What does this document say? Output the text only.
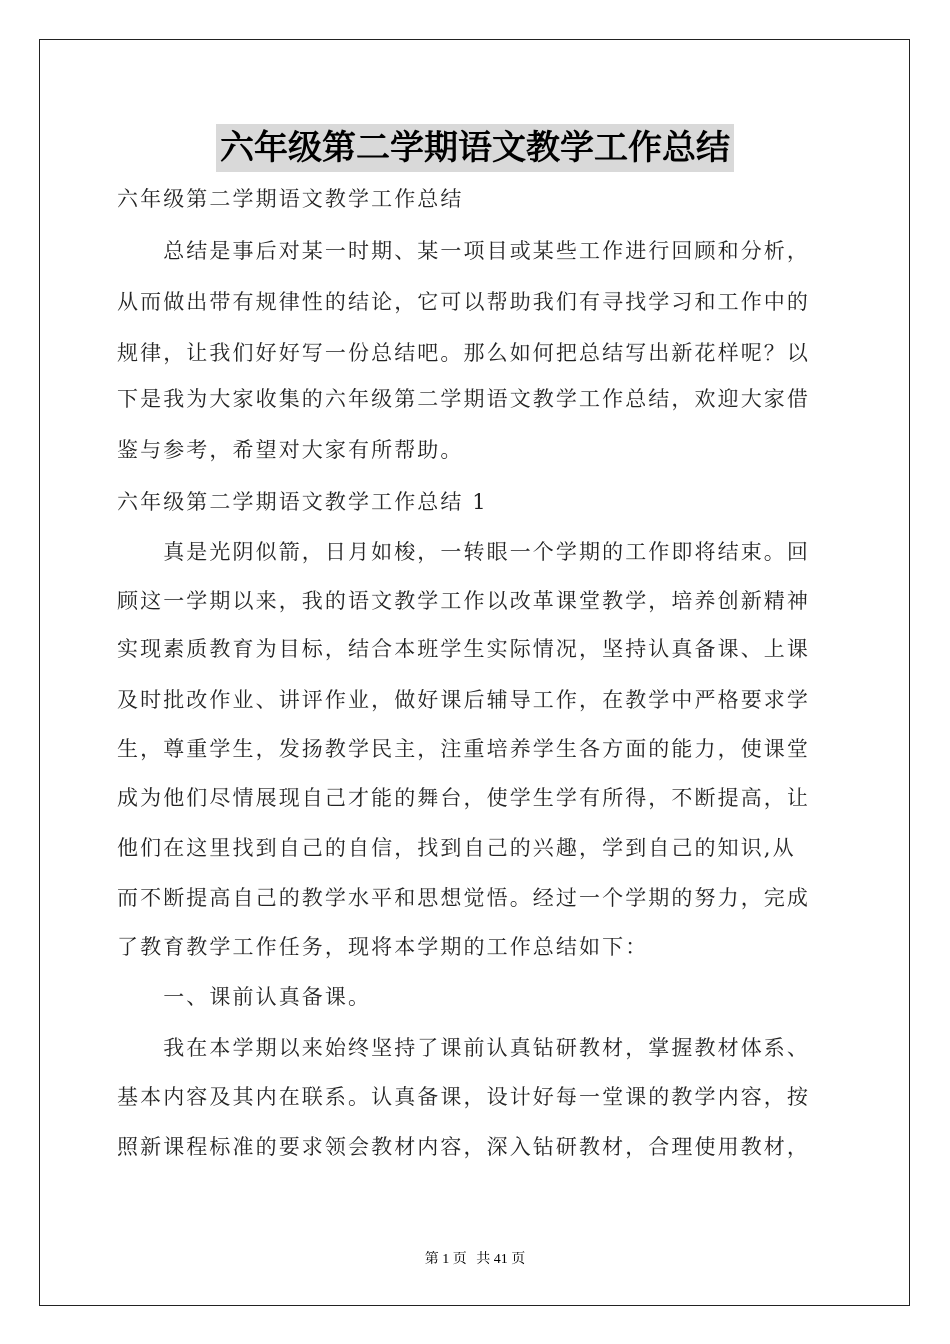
六年级第二学期语文教学工作总结
六年级第二学期语文教学工作总结
　　总结是事后对某一时期、某一项目或某些工作进行回顾和分析，
从而做出带有规律性的结论，它可以帮助我们有寻找学习和工作中的
规律，让我们好好写一份总结吧。那么如何把总结写出新花样呢？以
下是我为大家收集的六年级第二学期语文教学工作总结，欢迎大家借
鉴与参考，希望对大家有所帮助。
六年级第二学期语文教学工作总结 1
　　真是光阴似箭，日月如梭，一转眼一个学期的工作即将结束。回
顾这一学期以来，我的语文教学工作以改革课堂教学，培养创新精神
实现素质教育为目标，结合本班学生实际情况，坚持认真备课、上课
及时批改作业、讲评作业，做好课后辅导工作，在教学中严格要求学
生，尊重学生，发扬教学民主，注重培养学生各方面的能力，使课堂
成为他们尽情展现自己才能的舞台，使学生学有所得，不断提高，让
他们在这里找到自己的自信，找到自己的兴趣，学到自己的知识,从
而不断提高自己的教学水平和思想觉悟。经过一个学期的努力，完成
了教育教学工作任务，现将本学期的工作总结如下：
　　一、课前认真备课。
　　我在本学期以来始终坚持了课前认真钻研教材，掌握教材体系、
基本内容及其内在联系。认真备课，设计好每一堂课的教学内容，按
照新课程标准的要求领会教材内容，深入钻研教材，合理使用教材，
第 1 页 共 41 页
